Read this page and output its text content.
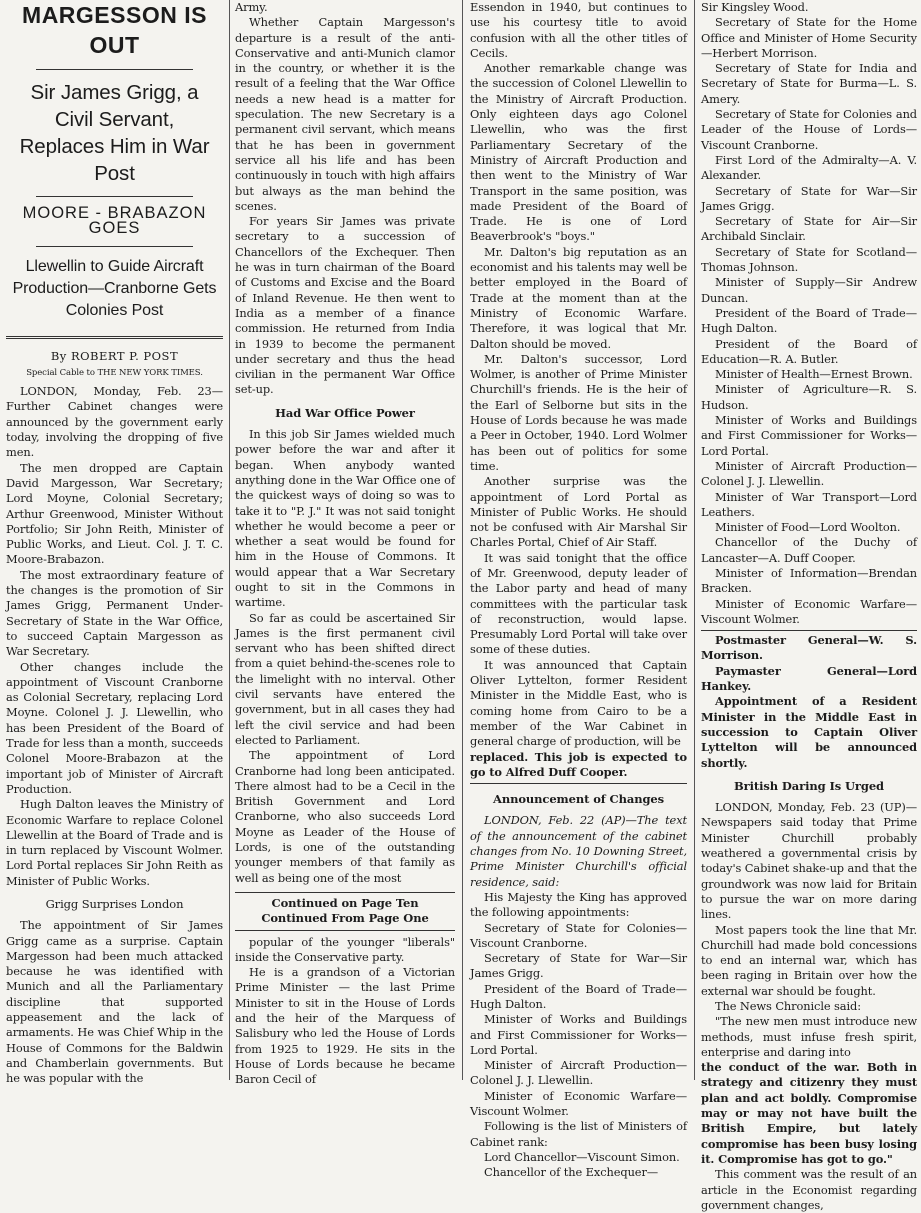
MARGESSON IS OUT
Sir James Grigg, a Civil Servant, Replaces Him in War Post
MOORE - BRABAZON GOES
Llewellin to Guide Aircraft Production—Cranborne Gets Colonies Post
By ROBERT P. POST
Special Cable to THE NEW YORK TIMES.

LONDON, Monday, Feb. 23—Further Cabinet changes were announced by the government early today, involving the dropping of five men.

The men dropped are Captain David Margesson, War Secretary; Lord Moyne, Colonial Secretary; Arthur Greenwood, Minister Without Portfolio; Sir John Reith, Minister of Public Works, and Lieut. Col. J. T. C. Moore-Brabazon.

The most extraordinary feature of the changes is the promotion of Sir James Grigg, Permanent Under-Secretary of State in the War Office, to succeed Captain Margesson as War Secretary.

Other changes include the appointment of Viscount Cranborne as Colonial Secretary, replacing Lord Moyne. Colonel J. J. Llewellin, who has been President of the Board of Trade for less than a month, succeeds Colonel Moore-Brabazon at the important job of Minister of Aircraft Production.

Hugh Dalton leaves the Ministry of Economic Warfare to replace Colonel Llewellin at the Board of Trade and is in turn replaced by Viscount Wolmer. Lord Portal replaces Sir John Reith as Minister of Public Works.

Grigg Surprises London

The appointment of Sir James Grigg came as a surprise. Captain Margesson had been much attacked because he was identified with Munich and all the Parliamentary discipline that supported appeasement and the lack of armaments. He was Chief Whip in the House of Commons for the Baldwin and Chamberlain governments. But he was popular with the

Army.

Whether Captain Margesson's departure is a result of the anti-Conservative and anti-Munich clamor in the country, or whether it is the result of a feeling that the War Office needs a new head is a matter for speculation. The new Secretary is a permanent civil servant, which means that he has been in government service all his life and has been continuously in touch with high affairs but always as the man behind the scenes.

For years Sir James was private secretary to a succession of Chancellors of the Exchequer. Then he was in turn chairman of the Board of Customs and Excise and the Board of Inland Revenue. He then went to India as a member of a finance commission. He returned from India in 1939 to become the permanent under secretary and thus the head civilian in the permanent War Office set-up.

Had War Office Power

In this job Sir James wielded much power before the war and after it began. When anybody wanted anything done in the War Office one of the quickest ways of doing so was to take it to "P. J." It was not said tonight whether he would become a peer or whether a seat would be found for him in the House of Commons. It would appear that a War Secretary ought to sit in the Commons in wartime.

So far as could be ascertained Sir James is the first permanent civil servant who has been shifted direct from a quiet behind-the-scenes role to the limelight with no interval. Other civil servants have entered the government, but in all cases they had left the civil service and had been elected to Parliament.

The appointment of Lord Cranborne had long been anticipated. There almost had to be a Cecil in the British Government and Lord Cranborne, who also succeeds Lord Moyne as Leader of the House of Lords, is one of the outstanding younger members of that family as well as being one of the most

Continued on Page Ten
Continued From Page One

popular of the younger "liberals" inside the Conservative party.

He is a grandson of a Victorian Prime Minister — the last Prime Minister to sit in the House of Lords and the heir of the Marquess of Salisbury who led the House of Lords from 1925 to 1929. He sits in the House of Lords because he became Baron Cecil of

Essendon in 1940, but continues to use his courtesy title to avoid confusion with all the other titles of Cecils.

Another remarkable change was the succession of Colonel Llewellin to the Ministry of Aircraft Production. Only eighteen days ago Colonel Llewellin, who was the first Parliamentary Secretary of the Ministry of Aircraft Production and then went to the Ministry of War Transport in the same position, was made President of the Board of Trade. He is one of Lord Beaverbrook's "boys."

Mr. Dalton's big reputation as an economist and his talents may well be better employed in the Board of Trade at the moment than at the Ministry of Economic Warfare. Therefore, it was logical that Mr. Dalton should be moved.

Mr. Dalton's successor, Lord Wolmer, is another of Prime Minister Churchill's friends. He is the heir of the Earl of Selborne but sits in the House of Lords because he was made a Peer in October, 1940. Lord Wolmer has been out of politics for some time.

Another surprise was the appointment of Lord Portal as Minister of Public Works. He should not be confused with Air Marshal Sir Charles Portal, Chief of Air Staff.

It was said tonight that the office of Mr. Greenwood, deputy leader of the Labor party and head of many committees with the particular task of reconstruction, would lapse. Presumably Lord Portal will take over some of these duties.

It was announced that Captain Oliver Lyttelton, former Resident Minister in the Middle East, who is coming home from Cairo to be a member of the War Cabinet in general charge of production, will be

replaced. This job is expected to go to Alfred Duff Cooper.

Announcement of Changes

LONDON, Feb. 22 (AP)—The text of the announcement of the cabinet changes from No. 10 Downing Street, Prime Minister Churchill's official residence, said:

His Majesty the King has approved the following appointments:

Secretary of State for Colonies—Viscount Cranborne.

Secretary of State for War—Sir James Grigg.

President of the Board of Trade—Hugh Dalton.

Minister of Works and Buildings and First Commissioner for Works—Lord Portal.

Minister of Aircraft Production—Colonel J. J. Llewellin.

Minister of Economic Warfare—Viscount Wolmer.

Following is the list of Ministers of Cabinet rank:

Lord Chancellor—Viscount Simon.

Chancellor of the Exchequer—

Sir Kingsley Wood.

Secretary of State for the Home Office and Minister of Home Security—Herbert Morrison.

Secretary of State for India and Secretary of State for Burma—L. S. Amery.

Secretary of State for Colonies and Leader of the House of Lords—Viscount Cranborne.

First Lord of the Admiralty—A. V. Alexander.

Secretary of State for War—Sir James Grigg.

Secretary of State for Air—Sir Archibald Sinclair.

Secretary of State for Scotland—Thomas Johnson.

Minister of Supply—Sir Andrew Duncan.

President of the Board of Trade—Hugh Dalton.

President of the Board of Education—R. A. Butler.

Minister of Health—Ernest Brown.

Minister of Agriculture—R. S. Hudson.

Minister of Works and Buildings and First Commissioner for Works—Lord Portal.

Minister of Aircraft Production—Colonel J. J. Llewellin.

Minister of War Transport—Lord Leathers.

Minister of Food—Lord Woolton.

Chancellor of the Duchy of Lancaster—A. Duff Cooper.

Minister of Information—Brendan Bracken.

Minister of Economic Warfare—Viscount Wolmer.

Postmaster General—W. S. Morrison.

Paymaster General—Lord Hankey.

Appointment of a Resident Minister in the Middle East in succession to Captain Oliver Lyttelton will be announced shortly.

British Daring Is Urged

LONDON, Monday, Feb. 23 (UP)—Newspapers said today that Prime Minister Churchill probably weathered a governmental crisis by today's Cabinet shake-up and that the groundwork was now laid for Britain to pursue the war on more daring lines.

Most papers took the line that Mr. Churchill had made bold concessions to end an internal war, which has been raging in Britain over how the external war should be fought.

The News Chronicle said:

"The new men must introduce new methods, must infuse fresh spirit, enterprise and daring into

the conduct of the war. Both in strategy and citizenry they must plan and act boldly. Compromise may or may not have built the British Empire, but lately compromise has been busy losing it. Compromise has got to go."

This comment was the result of an article in the Economist regarding government changes,
